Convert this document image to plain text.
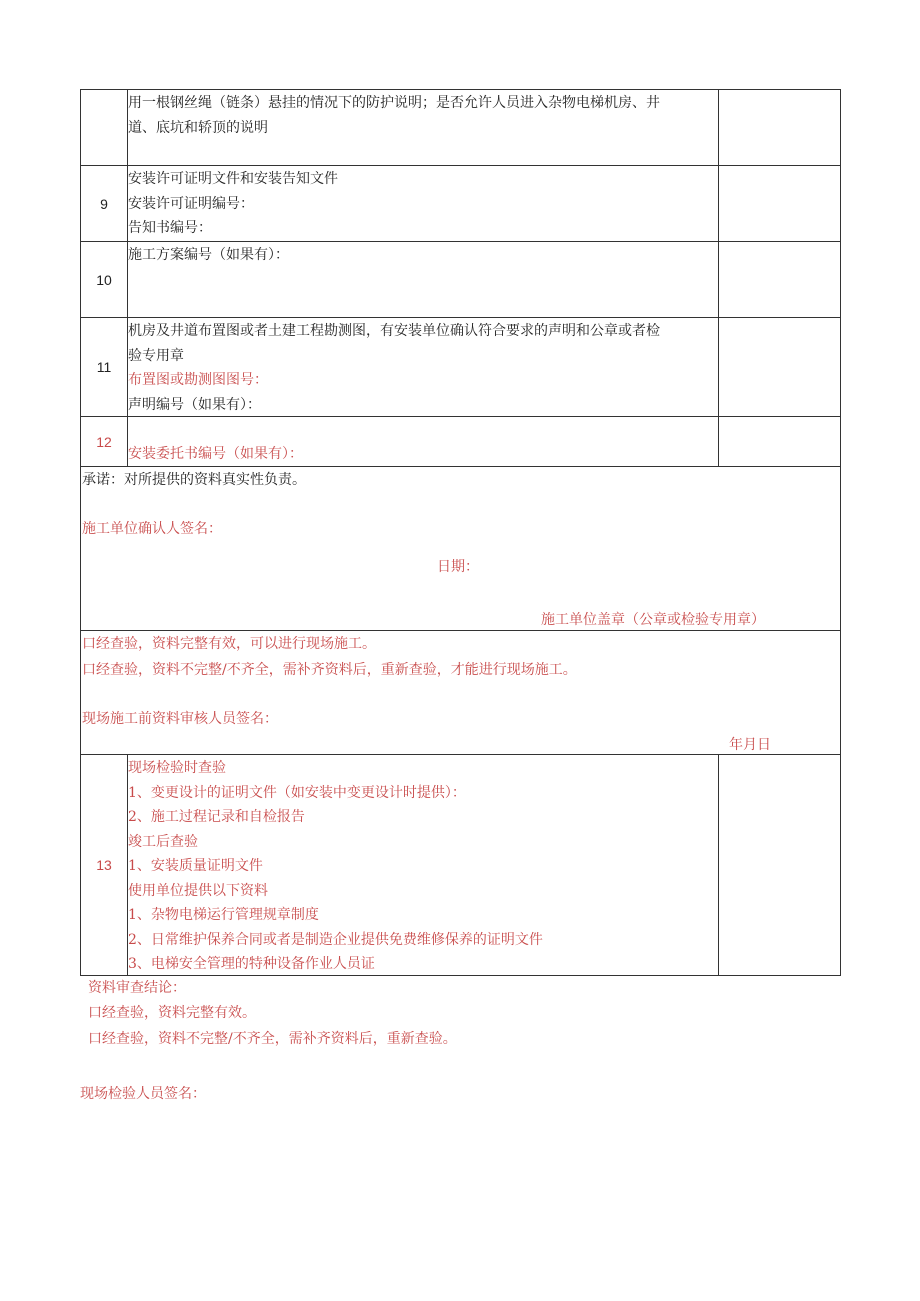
用一根钢丝绳（链条）悬挂的情况下的防护说明；是否允许人员进入杂物电梯机房、井
道、底坑和轿顶的说明
9
安装许可证明文件和安装告知文件
安装许可证明编号：
告知书编号：
10
施工方案编号（如果有）：
11
机房及井道布置图或者土建工程勘测图，有安装单位确认符合要求的声明和公章或者检
验专用章
布置图或勘测图图号：
声明编号（如果有）：
12
安装委托书编号（如果有）：
承诺：对所提供的资料真实性负责。
施工单位确认人签名：
日期：
施工单位盖章（公章或检验专用章）
口经查验，资料完整有效，可以进行现场施工。
口经查验，资料不完整/不齐全，需补齐资料后，重新查验，才能进行现场施工。
现场施工前资料审核人员签名：
年月日
13
现场检验时查验
1、变更设计的证明文件（如安装中变更设计时提供）：
2、施工过程记录和自检报告
竣工后查验
1、安装质量证明文件
使用单位提供以下资料
1、杂物电梯运行管理规章制度
2、日常维护保养合同或者是制造企业提供免费维修保养的证明文件
3、电梯安全管理的特种设备作业人员证
资料审查结论：
口经查验，资料完整有效。
口经查验，资料不完整/不齐全，需补齐资料后，重新查验。
现场检验人员签名：
